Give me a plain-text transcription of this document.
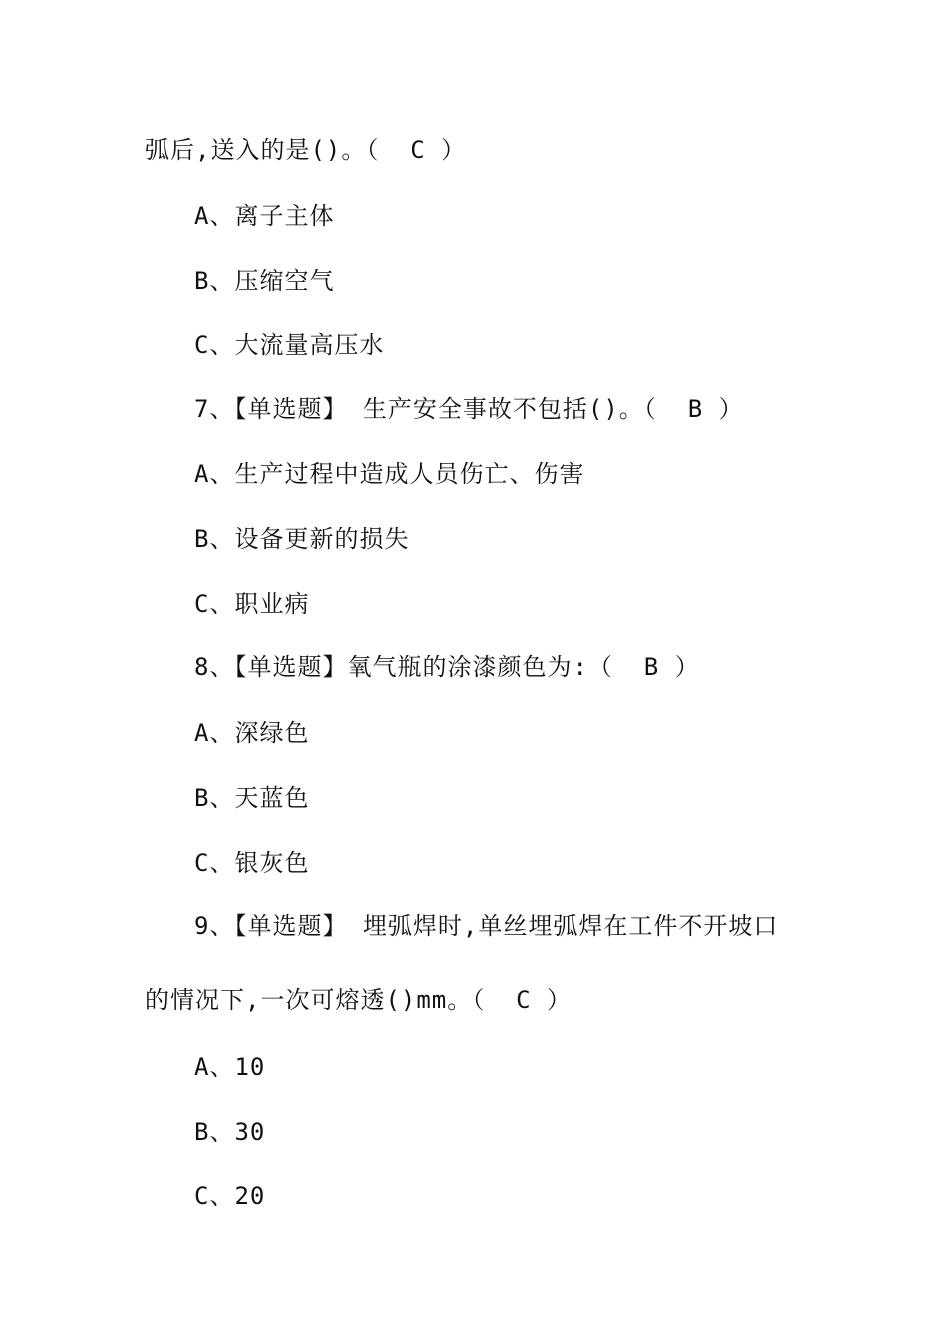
弧后,送入的是()。（  C ）
A、离子主体
B、压缩空气
C、大流量高压水
7、【单选题】 生产安全事故不包括()。（  B ）
A、生产过程中造成人员伤亡、伤害
B、设备更新的损失
C、职业病
8、【单选题】氧气瓶的涂漆颜色为:（  B ）
A、深绿色
B、天蓝色
C、银灰色
9、【单选题】 埋弧焊时,单丝埋弧焊在工件不开坡口
的情况下,一次可熔透()mm。（  C ）
A、10
B、30
C、20
